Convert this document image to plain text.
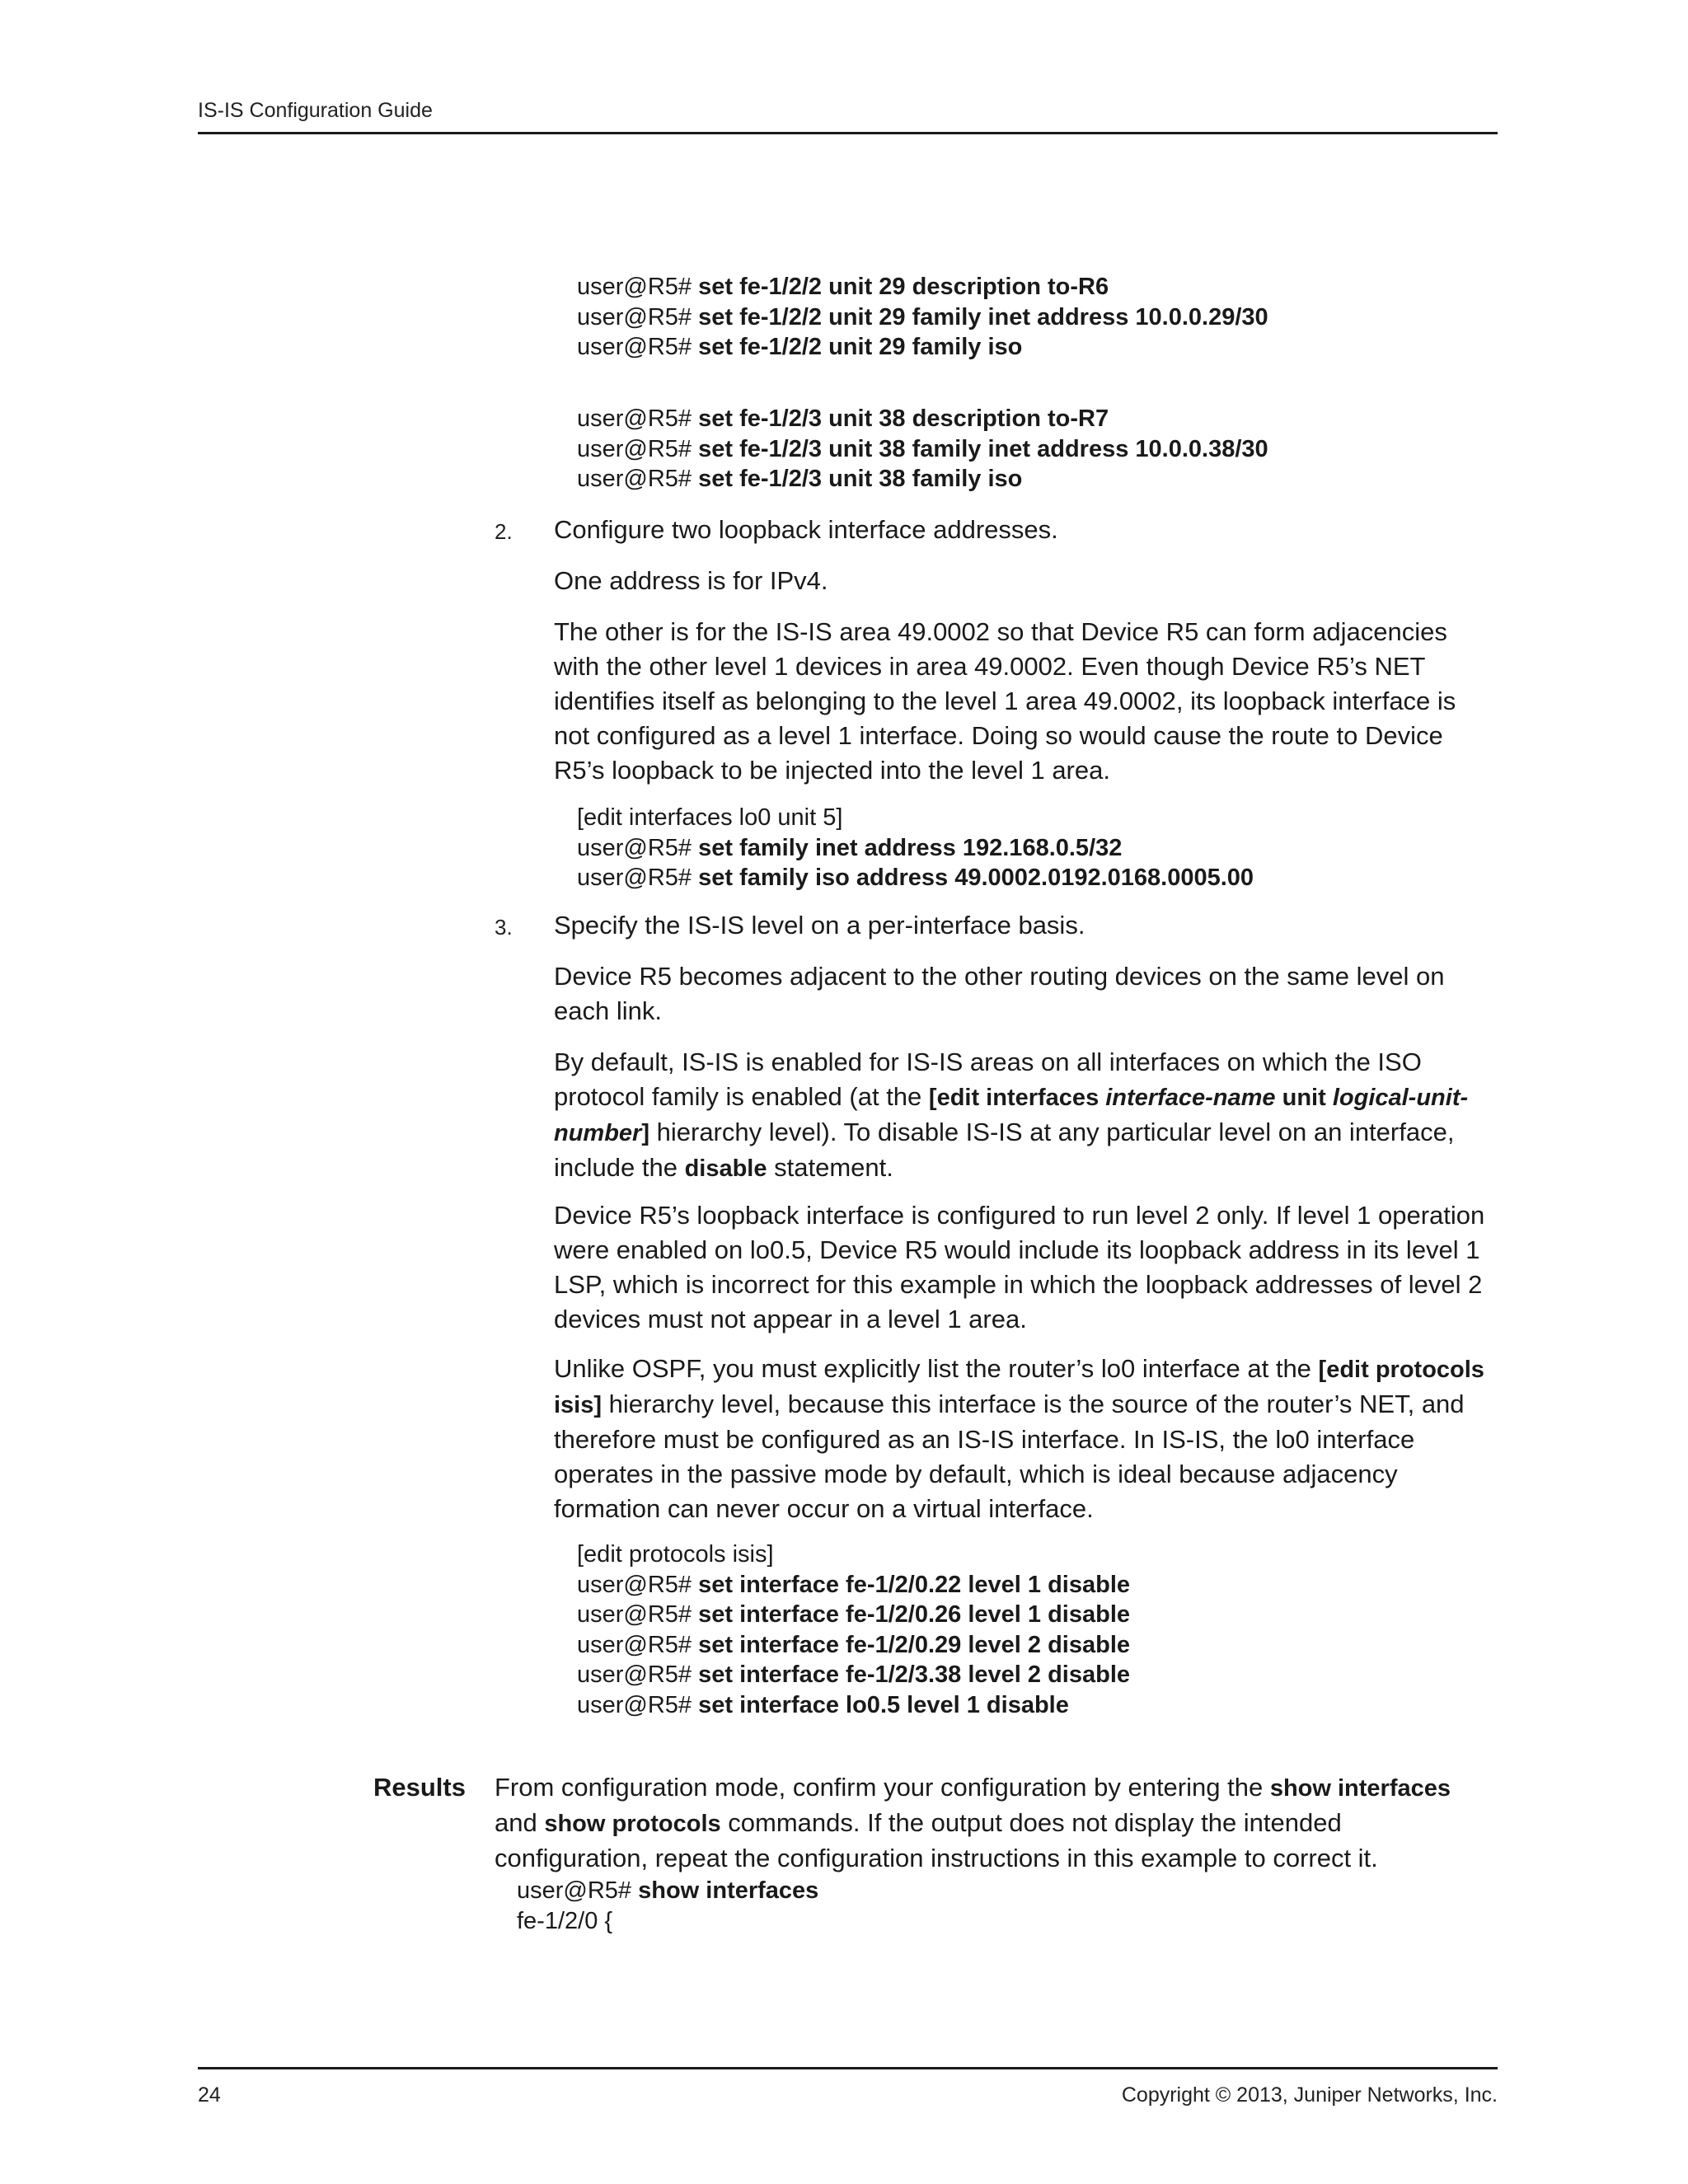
IS-IS Configuration Guide
user@R5# set fe-1/2/2 unit 29 description to-R6
user@R5# set fe-1/2/2 unit 29 family inet address 10.0.0.29/30
user@R5# set fe-1/2/2 unit 29 family iso
user@R5# set fe-1/2/3 unit 38 description to-R7
user@R5# set fe-1/2/3 unit 38 family inet address 10.0.0.38/30
user@R5# set fe-1/2/3 unit 38 family iso
2. Configure two loopback interface addresses.

One address is for IPv4.

The other is for the IS-IS area 49.0002 so that Device R5 can form adjacencies with the other level 1 devices in area 49.0002. Even though Device R5’s NET identifies itself as belonging to the level 1 area 49.0002, its loopback interface is not configured as a level 1 interface. Doing so would cause the route to Device R5’s loopback to be injected into the level 1 area.

[edit interfaces lo0 unit 5]
user@R5# set family inet address 192.168.0.5/32
user@R5# set family iso address 49.0002.0192.0168.0005.00
3. Specify the IS-IS level on a per-interface basis.

Device R5 becomes adjacent to the other routing devices on the same level on each link.

By default, IS-IS is enabled for IS-IS areas on all interfaces on which the ISO protocol family is enabled (at the [edit interfaces interface-name unit logical-unit-number] hierarchy level). To disable IS-IS at any particular level on an interface, include the disable statement.

Device R5’s loopback interface is configured to run level 2 only. If level 1 operation were enabled on lo0.5, Device R5 would include its loopback address in its level 1 LSP, which is incorrect for this example in which the loopback addresses of level 2 devices must not appear in a level 1 area.

Unlike OSPF, you must explicitly list the router’s lo0 interface at the [edit protocols isis] hierarchy level, because this interface is the source of the router’s NET, and therefore must be configured as an IS-IS interface. In IS-IS, the lo0 interface operates in the passive mode by default, which is ideal because adjacency formation can never occur on a virtual interface.

[edit protocols isis]
user@R5# set interface fe-1/2/0.22 level 1 disable
user@R5# set interface fe-1/2/0.26 level 1 disable
user@R5# set interface fe-1/2/0.29 level 2 disable
user@R5# set interface fe-1/2/3.38 level 2 disable
user@R5# set interface lo0.5 level 1 disable
Results From configuration mode, confirm your configuration by entering the show interfaces and show protocols commands. If the output does not display the intended configuration, repeat the configuration instructions in this example to correct it.

user@R5# show interfaces
fe-1/2/0 {
24	Copyright © 2013, Juniper Networks, Inc.
